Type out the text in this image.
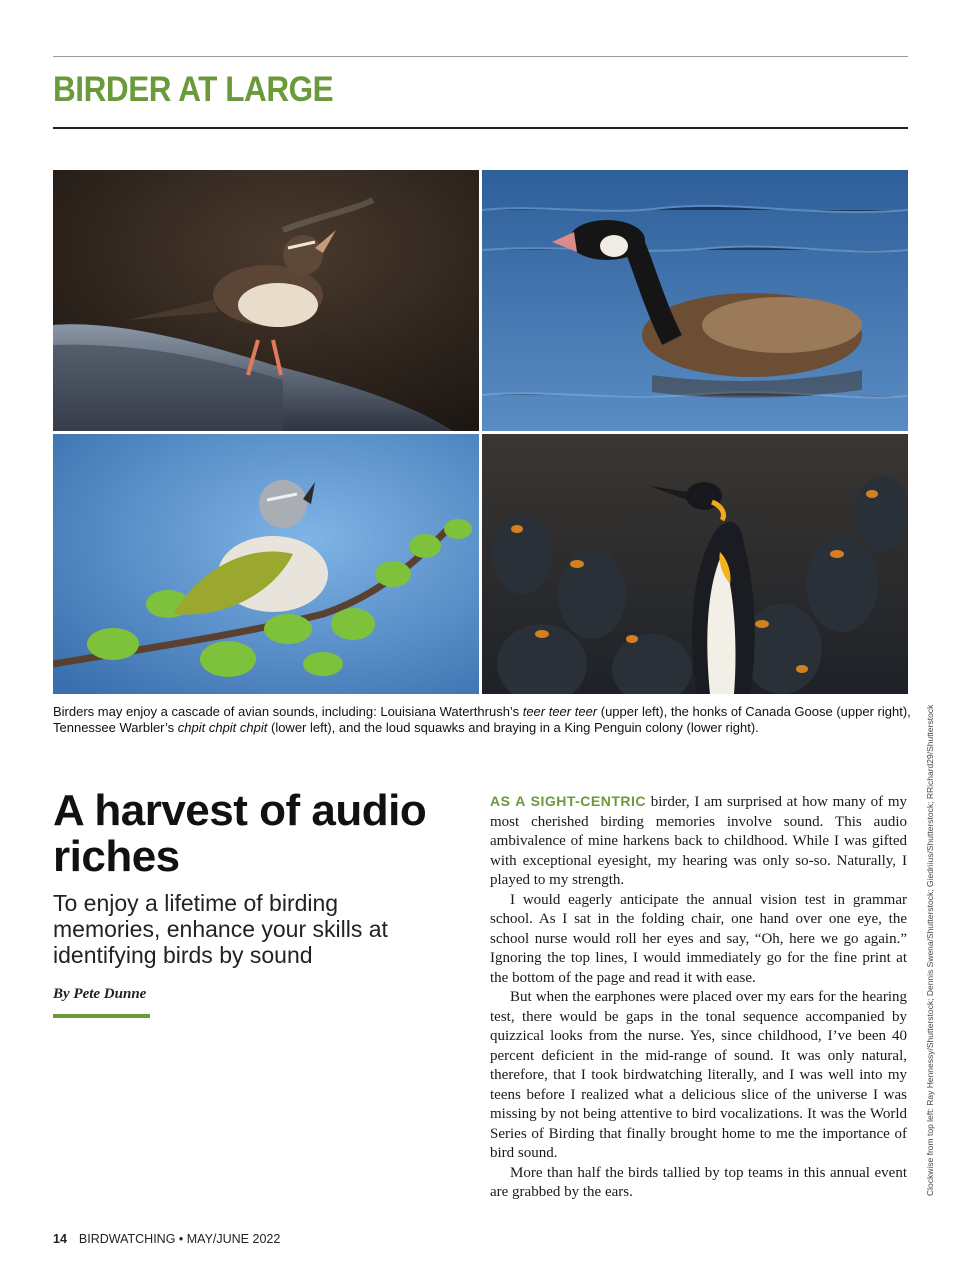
BIRDER AT LARGE
Birders may enjoy a cascade of avian sounds, including: Louisiana Waterthrush’s teer teer teer (upper left), the honks of Canada Goose (upper right), Tennessee Warbler’s chpit chpit chpit (lower left), and the loud squawks and braying in a King Penguin colony (lower right).
A harvest of audio riches
To enjoy a lifetime of birding memories, enhance your skills at identifying birds by sound
By Pete Dunne

AS A SIGHT-CENTRIC birder, I am surprised at how many of my most cherished birding memories involve sound. This audio ambivalence of mine harkens back to childhood. While I was gifted with exceptional eyesight, my hearing was only so-so. Naturally, I played to my strength.

I would eagerly anticipate the annual vision test in grammar school. As I sat in the folding chair, one hand over one eye, the school nurse would roll her eyes and say, “Oh, here we go again.” Ignoring the top lines, I would immediately go for the fine print at the bottom of the page and read it with ease.

But when the earphones were placed over my ears for the hearing test, there would be gaps in the tonal sequence accompanied by quizzical looks from the nurse. Yes, since childhood, I’ve been 40 percent deficient in the mid-range of sound. It was only natural, therefore, that I took birdwatching literally, and I was well into my teens before I realized what a delicious slice of the universe I was missing by not being attentive to bird vocalizations. It was the World Series of Birding that finally brought home to me the importance of bird sound.

More than half the birds tallied by top teams in this annual event are grabbed by the ears.	Clockwise from top left: Ray Hennessy/Shutterstock; Dennis Swena/Shutterstock; Giedriius/Shutterstock; RRichard29/Shutterstock
14 BIRDWATCHING • MAY/JUNE 2022
